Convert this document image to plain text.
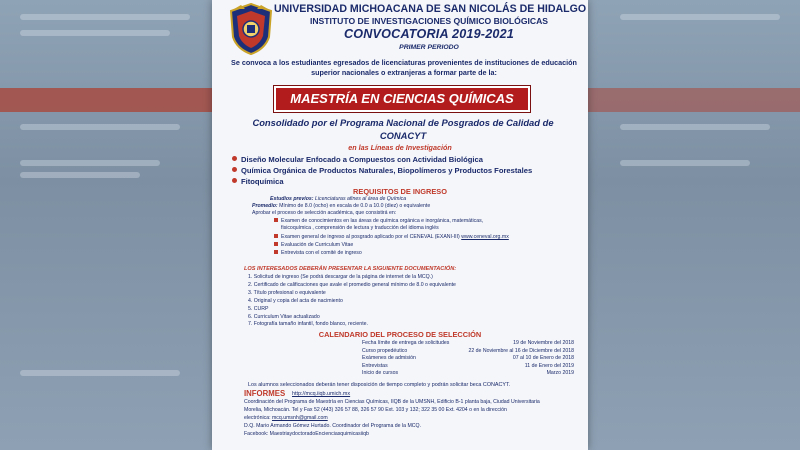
UNIVERSIDAD MICHOACANA DE SAN NICOLÁS DE HIDALGO
INSTITUTO DE INVESTIGACIONES QUÍMICO BIOLÓGICAS
CONVOCATORIA 2019-2021
PRIMER PERIODO
Se convoca a los estudiantes egresados de licenciaturas provenientes de instituciones de educación superior nacionales o extranjeras a formar parte de la:
MAESTRÍA EN CIENCIAS QUÍMICAS
Consolidado por el Programa Nacional de Posgrados de Calidad de CONACYT
en las Líneas de Investigación
Diseño Molecular Enfocado a Compuestos con Actividad Biológica
Química Orgánica de Productos Naturales, Biopolímeros y Productos Forestales
Fitoquímica
REQUISITOS DE INGRESO
Estudios previos: Licenciaturas afines al área de Química
Promedio: Mínimo de 8.0 (ocho) en escala de 0.0 a 10.0 (diez) o equivalente
Aprobar el proceso de selección académica, que consistirá en:
Examen de conocimientos en las áreas de química orgánica e inorgánica, matemáticas,
fisicoquímica , comprensión de lectura y traducción del idioma inglés
Examen general de ingreso al posgrado aplicado por el CENEVAL (EXANI-III) www.ceneval.org.mx
Evaluación de Curriculum Vitae
Entrevista con el comité de ingreso
LOS INTERESADOS DEBERÁN PRESENTAR LA SIGUIENTE DOCUMENTACIÓN:
1. Solicitud de ingreso (Se podrá descargar de la página de internet de la MCQ.)
2. Certificado de calificaciones que avale el promedio general mínimo de 8.0 o equivalente
3. Título profesional o equivalente
4. Original y copia del acta de nacimiento
5. CURP
6. Curriculum Vitae actualizado
7. Fotografía tamaño infantil, fondo blanco, reciente.
CALENDARIO DEL PROCESO DE SELECCIÓN
Fecha límite de entrega de solicitudes	19 de Noviembre del 2018
Curso propedéutico	22 de Noviembre al 16 de Diciembre del 2018
Exámenes de admisión	07 al 10 de Enero de 2018
Entrevistas	11 de Enero del 2019
Inicio de cursos	Marzo 2019
Los alumnos seleccionados deberán tener disposición de tiempo completo y podrán solicitar beca CONACYT.
INFORMES http://mcq.iiqb.umich.mx
Coordinación del Programa de Maestría en Ciencias Químicas, IIQB de la UMSNH, Edificio B-1 planta baja, Ciudad Universitaria
Morelia, Michoacán. Tel y Fax 52 (443) 326 57 88, 326 57 90 Ext. 103 y 132; 322 35 00 Ext. 4204 o en la dirección
electrónica: mcq.umsnh@gmail.com
D.Q. Mario Armando Gómez Hurtado. Coordinador del Programa de la MCQ.
Facebook: MaestriaydoctoradoEncienciasquimicasiiqb
